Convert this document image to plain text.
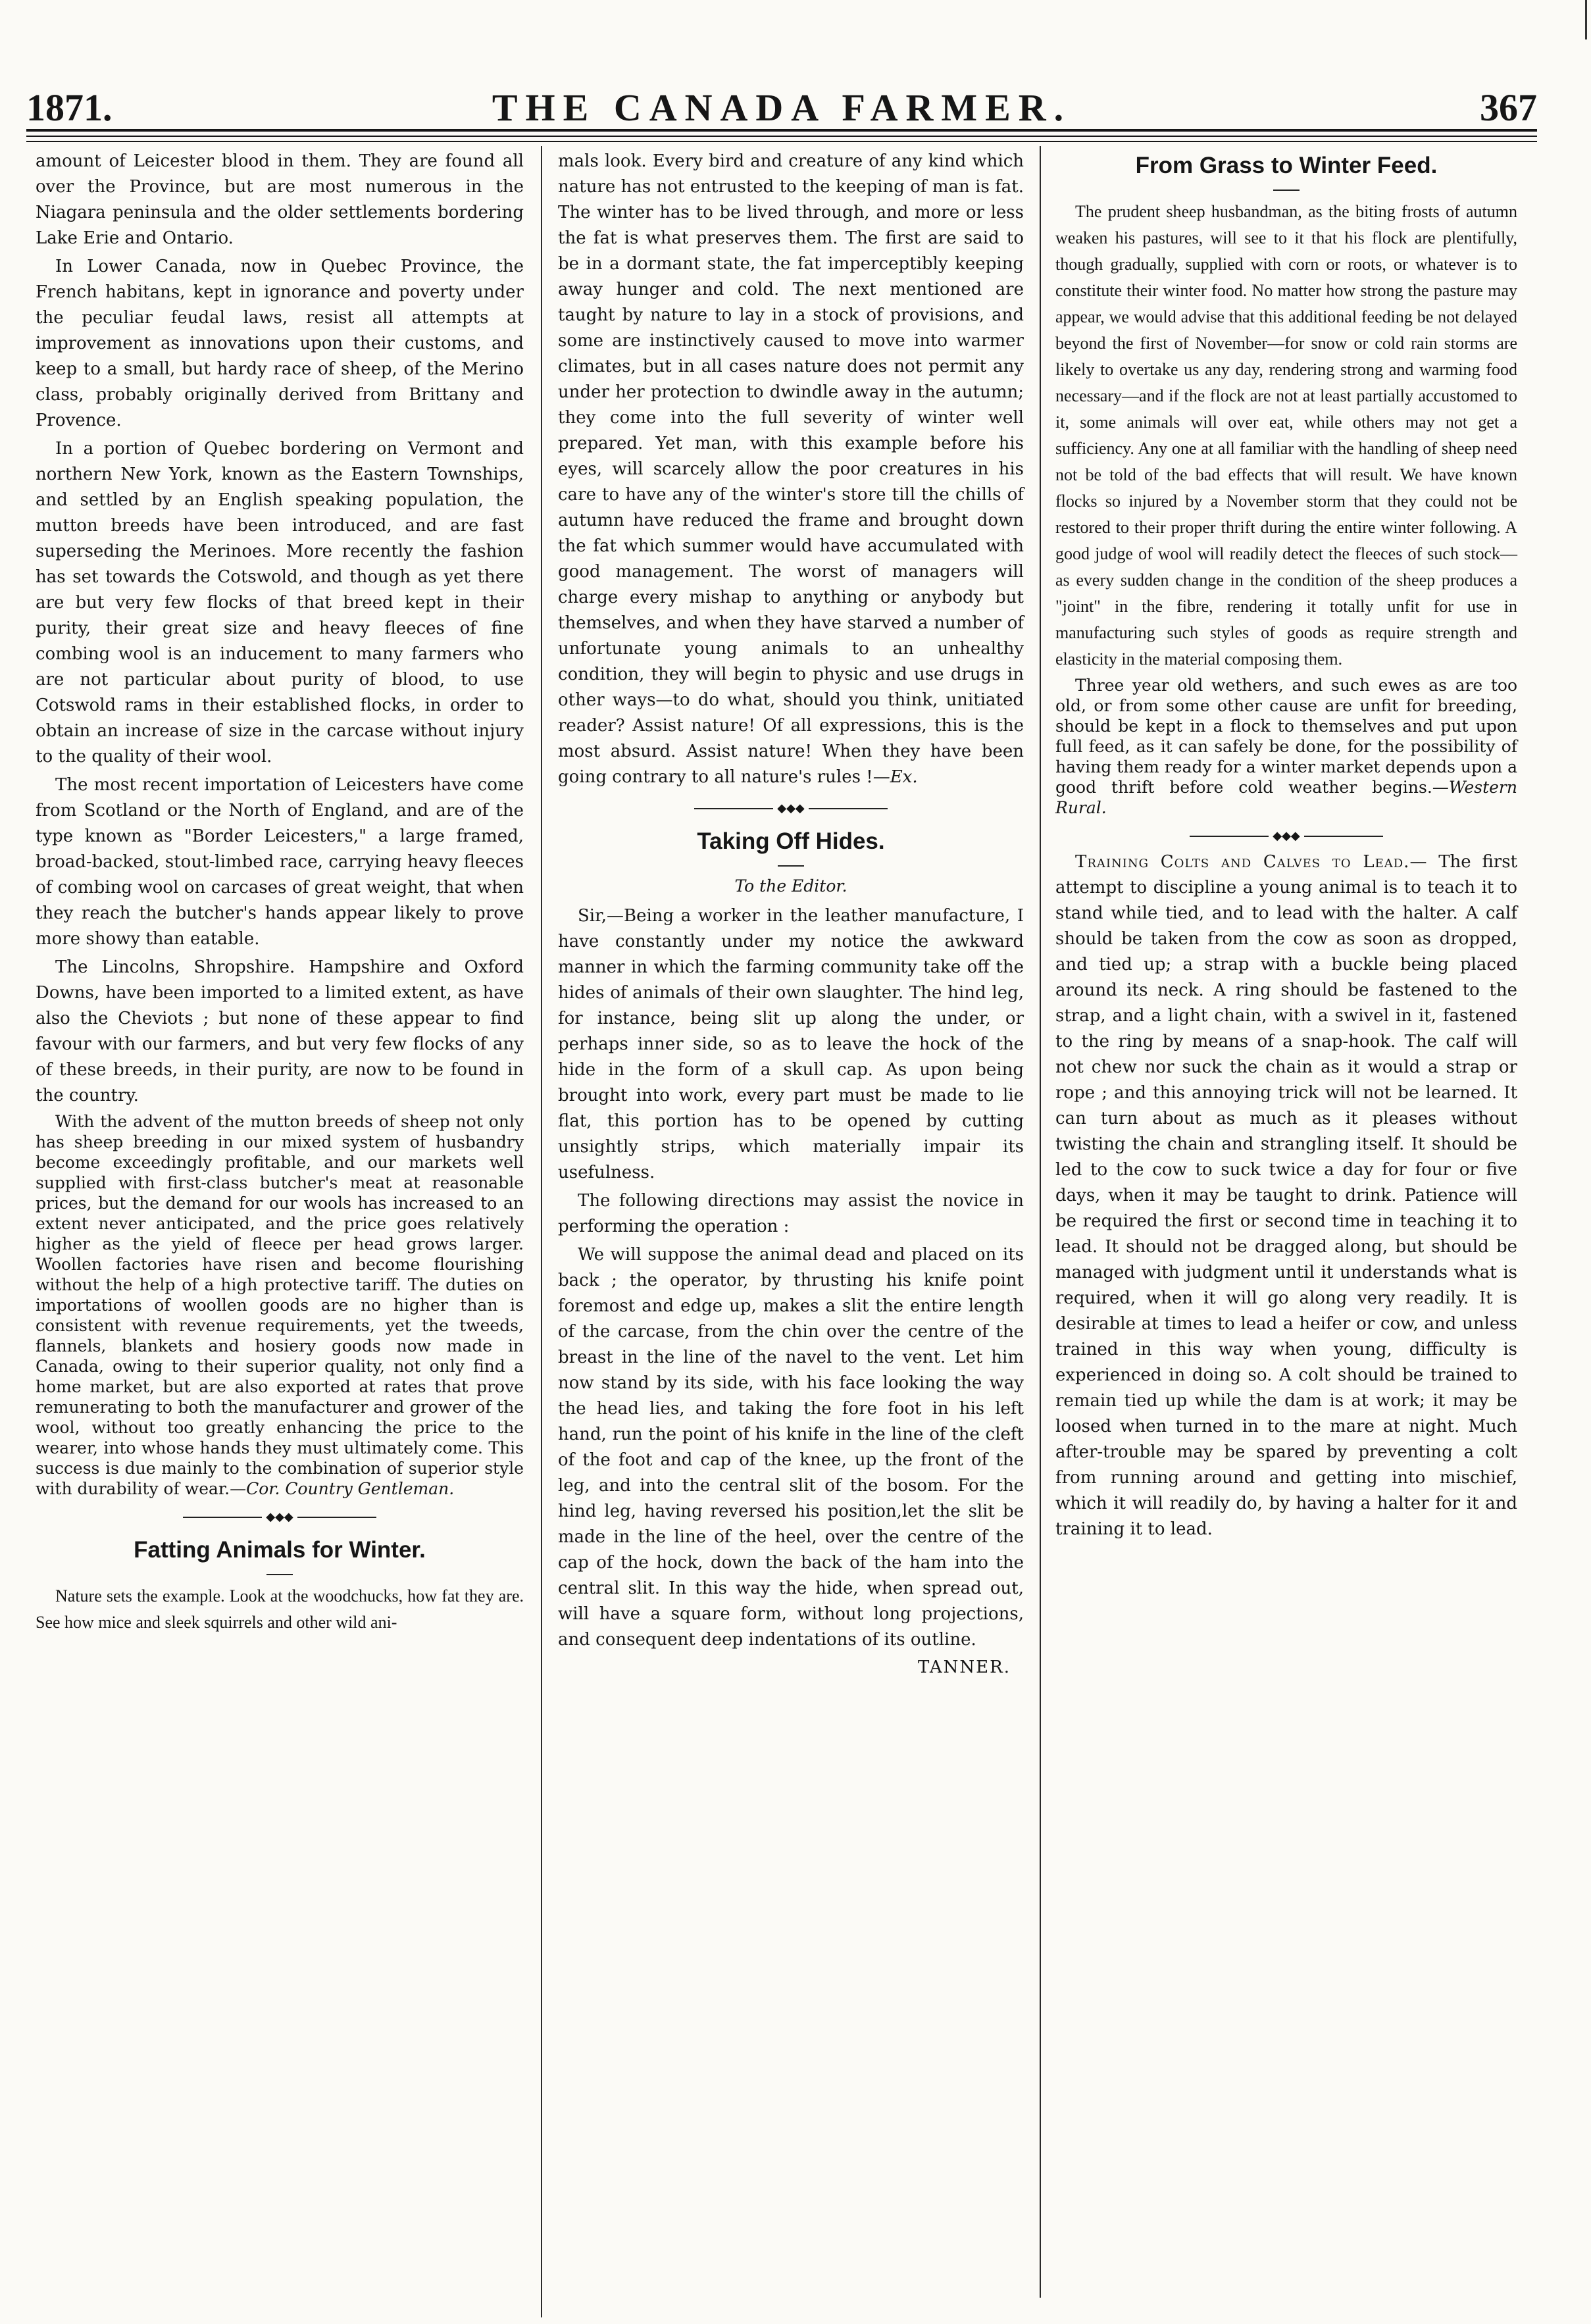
1871.	THE CANADA FARMER.	367

amount of Leicester blood in them. They are found all over the Province, but are most numerous in the Niagara peninsula and the older settlements bordering Lake Erie and Ontario.

In Lower Canada, now in Quebec Province, the French habitans, kept in ignorance and poverty under the peculiar feudal laws, resist all attempts at improvement as innovations upon their customs, and keep to a small, but hardy race of sheep, of the Merino class, probably originally derived from Brittany and Provence.

In a portion of Quebec bordering on Vermont and northern New York, known as the Eastern Townships, and settled by an English speaking population, the mutton breeds have been introduced, and are fast superseding the Merinoes. More recently the fashion has set towards the Cotswold, and though as yet there are but very few flocks of that breed kept in their purity, their great size and heavy fleeces of fine combing wool is an inducement to many farmers who are not particular about purity of blood, to use Cotswold rams in their established flocks, in order to obtain an increase of size in the carcase without injury to the quality of their wool.

The most recent importation of Leicesters have come from Scotland or the North of England, and are of the type known as "Border Leicesters," a large framed, broad-backed, stout-limbed race, carrying heavy fleeces of combing wool on carcases of great weight, that when they reach the butcher's hands appear likely to prove more showy than eatable.

The Lincolns, Shropshire. Hampshire and Oxford Downs, have been imported to a limited extent, as have also the Cheviots ; but none of these appear to find favour with our farmers, and but very few flocks of any of these breeds, in their purity, are now to be found in the country.

With the advent of the mutton breeds of sheep not only has sheep breeding in our mixed system of husbandry become exceedingly profitable, and our markets well supplied with first-class butcher's meat at reasonable prices, but the demand for our wools has increased to an extent never anticipated, and the price goes relatively higher as the yield of fleece per head grows larger. Woollen factories have risen and become flourishing without the help of a high protective tariff. The duties on importations of woollen goods are no higher than is consistent with revenue requirements, yet the tweeds, flannels, blankets and hosiery goods now made in Canada, owing to their superior quality, not only find a home market, but are also exported at rates that prove remunerating to both the manufacturer and grower of the wool, without too greatly enhancing the price to the wearer, into whose hands they must ultimately come. This success is due mainly to the combination of superior style with durability of wear.—Cor. Country Gentleman.

◆◆◆
Fatting Animals for Winter.

Nature sets the example. Look at the woodchucks, how fat they are. See how mice and sleek squirrels and other wild ani-

mals look. Every bird and creature of any kind which nature has not entrusted to the keeping of man is fat. The winter has to be lived through, and more or less the fat is what preserves them. The first are said to be in a dormant state, the fat imperceptibly keeping away hunger and cold. The next mentioned are taught by nature to lay in a stock of provisions, and some are instinctively caused to move into warmer climates, but in all cases nature does not permit any under her protection to dwindle away in the autumn; they come into the full severity of winter well prepared. Yet man, with this example before his eyes, will scarcely allow the poor creatures in his care to have any of the winter's store till the chills of autumn have reduced the frame and brought down the fat which summer would have accumulated with good management. The worst of managers will charge every mishap to anything or anybody but themselves, and when they have starved a number of unfortunate young animals to an unhealthy condition, they will begin to physic and use drugs in other ways—to do what, should you think, unitiated reader? Assist nature! Of all expressions, this is the most absurd. Assist nature! When they have been going contrary to all nature's rules !—Ex.

◆◆◆
Taking Off Hides.
To the Editor.

Sir,—Being a worker in the leather manufacture, I have constantly under my notice the awkward manner in which the farming community take off the hides of animals of their own slaughter. The hind leg, for instance, being slit up along the under, or perhaps inner side, so as to leave the hock of the hide in the form of a skull cap. As upon being brought into work, every part must be made to lie flat, this portion has to be opened by cutting unsightly strips, which materially impair its usefulness.

The following directions may assist the novice in performing the operation :

We will suppose the animal dead and placed on its back ; the operator, by thrusting his knife point foremost and edge up, makes a slit the entire length of the carcase, from the chin over the centre of the breast in the line of the navel to the vent. Let him now stand by its side, with his face looking the way the head lies, and taking the fore foot in his left hand, run the point of his knife in the line of the cleft of the foot and cap of the knee, up the front of the leg, and into the central slit of the bosom. For the hind leg, having reversed his position,let the slit be made in the line of the heel, over the centre of the cap of the hock, down the back of the ham into the central slit. In this way the hide, when spread out, will have a square form, without long projections, and consequent deep indentations of its outline.

TANNER.
From Grass to Winter Feed.

The prudent sheep husbandman, as the biting frosts of autumn weaken his pastures, will see to it that his flock are plentifully, though gradually, supplied with corn or roots, or whatever is to constitute their winter food. No matter how strong the pasture may appear, we would advise that this additional feeding be not delayed beyond the first of November—for snow or cold rain storms are likely to overtake us any day, rendering strong and warming food necessary—and if the flock are not at least partially accustomed to it, some animals will over eat, while others may not get a sufficiency. Any one at all familiar with the handling of sheep need not be told of the bad effects that will result. We have known flocks so injured by a November storm that they could not be restored to their proper thrift during the entire winter following. A good judge of wool will readily detect the fleeces of such stock—as every sudden change in the condition of the sheep produces a "joint" in the fibre, rendering it totally unfit for use in manufacturing such styles of goods as require strength and elasticity in the material composing them.

Three year old wethers, and such ewes as are too old, or from some other cause are unfit for breeding, should be kept in a flock to themselves and put upon full feed, as it can safely be done, for the possibility of having them ready for a winter market depends upon a good thrift before cold weather begins.—Western Rural.

◆◆◆

Training Colts and Calves to Lead.— The first attempt to discipline a young animal is to teach it to stand while tied, and to lead with the halter. A calf should be taken from the cow as soon as dropped, and tied up; a strap with a buckle being placed around its neck. A ring should be fastened to the strap, and a light chain, with a swivel in it, fastened to the ring by means of a snap-hook. The calf will not chew nor suck the chain as it would a strap or rope ; and this annoying trick will not be learned. It can turn about as much as it pleases without twisting the chain and strangling itself. It should be led to the cow to suck twice a day for four or five days, when it may be taught to drink. Patience will be required the first or second time in teaching it to lead. It should not be dragged along, but should be managed with judgment until it understands what is required, when it will go along very readily. It is desirable at times to lead a heifer or cow, and unless trained in this way when young, difficulty is experienced in doing so. A colt should be trained to remain tied up while the dam is at work; it may be loosed when turned in to the mare at night. Much after-trouble may be spared by preventing a colt from running around and getting into mischief, which it will readily do, by having a halter for it and training it to lead.
